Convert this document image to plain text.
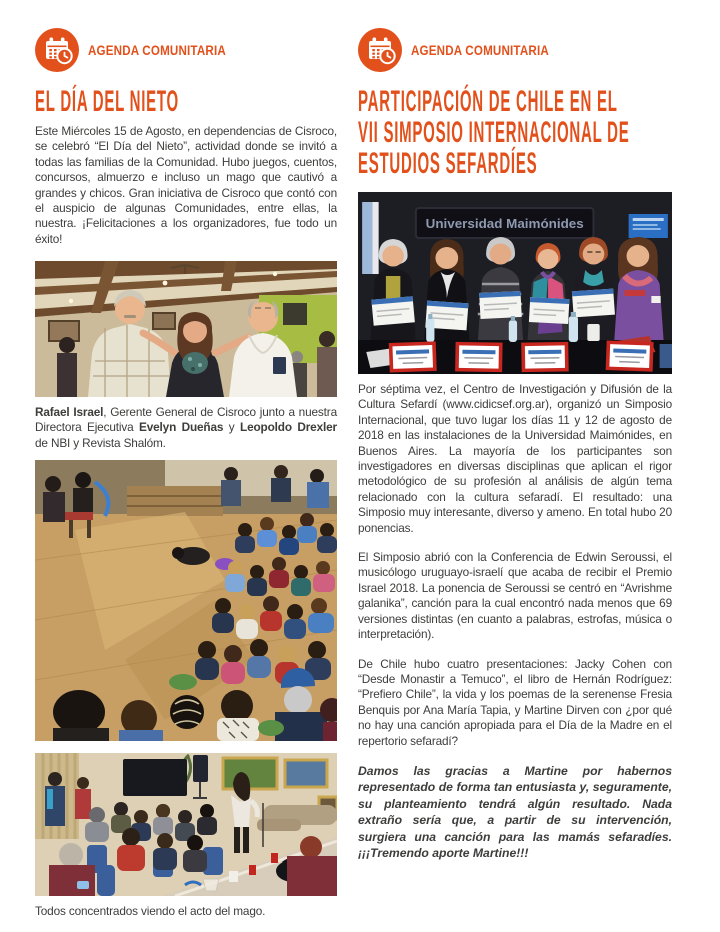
AGENDA COMUNITARIA
EL DÍA DEL NIETO

Este Miércoles 15 de Agosto, en dependencias de Cisroco, se celebró “El Día del Nieto”, actividad donde se invitó a todas las familias de la Comunidad. Hubo juegos, cuentos, concursos, almuerzo e incluso un mago que cautivó a grandes y chicos. Gran iniciativa de Cisroco que contó con el auspicio de algunas Comunidades, entre ellas, la nuestra. ¡Felicitaciones a los organizadores, fue todo un éxito!

Rafael Israel, Gerente General de Cisroco junto a nuestra Directora Ejecutiva Evelyn Dueñas y Leopoldo Drexler de NBI y Revista Shalóm.

Todos concentrados viendo el acto del mago.

AGENDA COMUNITARIA
PARTICIPACIÓN DE CHILE EN EL
VII SIMPOSIO INTERNACIONAL DE
ESTUDIOS SEFARDÍES
Universidad Maimónides

Por séptima vez, el Centro de Investigación y Difusión de la Cultura Sefardí (www.cidicsef.org.ar), organizó un Simposio Internacional, que tuvo lugar los días 11 y 12 de agosto de 2018 en las instalaciones de la Universidad Maimónides, en Buenos Aires. La mayoría de los participantes son investigadores en diversas disciplinas que aplican el rigor metodológico de su profesión al análisis de algún tema relacionado con la cultura sefaradí. El resultado: una Simposio muy interesante, diverso y ameno. En total hubo 20 ponencias.

El Simposio abrió con la Conferencia de Edwin Seroussi, el musicólogo uruguayo-israelí que acaba de recibir el Premio Israel 2018. La ponencia de Seroussi se centró en “Avrishme galanika”, canción para la cual encontró nada menos que 69 versiones distintas (en cuanto a palabras, estrofas, música o interpretación).

De Chile hubo cuatro presentaciones: Jacky Cohen con “Desde Monastir a Temuco”, el libro de Hernán Rodríguez: “Prefiero Chile”, la vida y los poemas de la serenense Fresia Benquis por Ana María Tapia, y Martine Dirven con ¿por qué no hay una canción apropiada para el Día de la Madre en el repertorio sefaradí?

Damos las gracias a Martine por habernos representado de forma tan entusiasta y, seguramente, su planteamiento tendrá algún resultado. Nada extraño sería que, a partir de su intervención, surgiera una canción para las mamás sefaradíes. ¡¡¡Tremendo aporte Martine!!!
